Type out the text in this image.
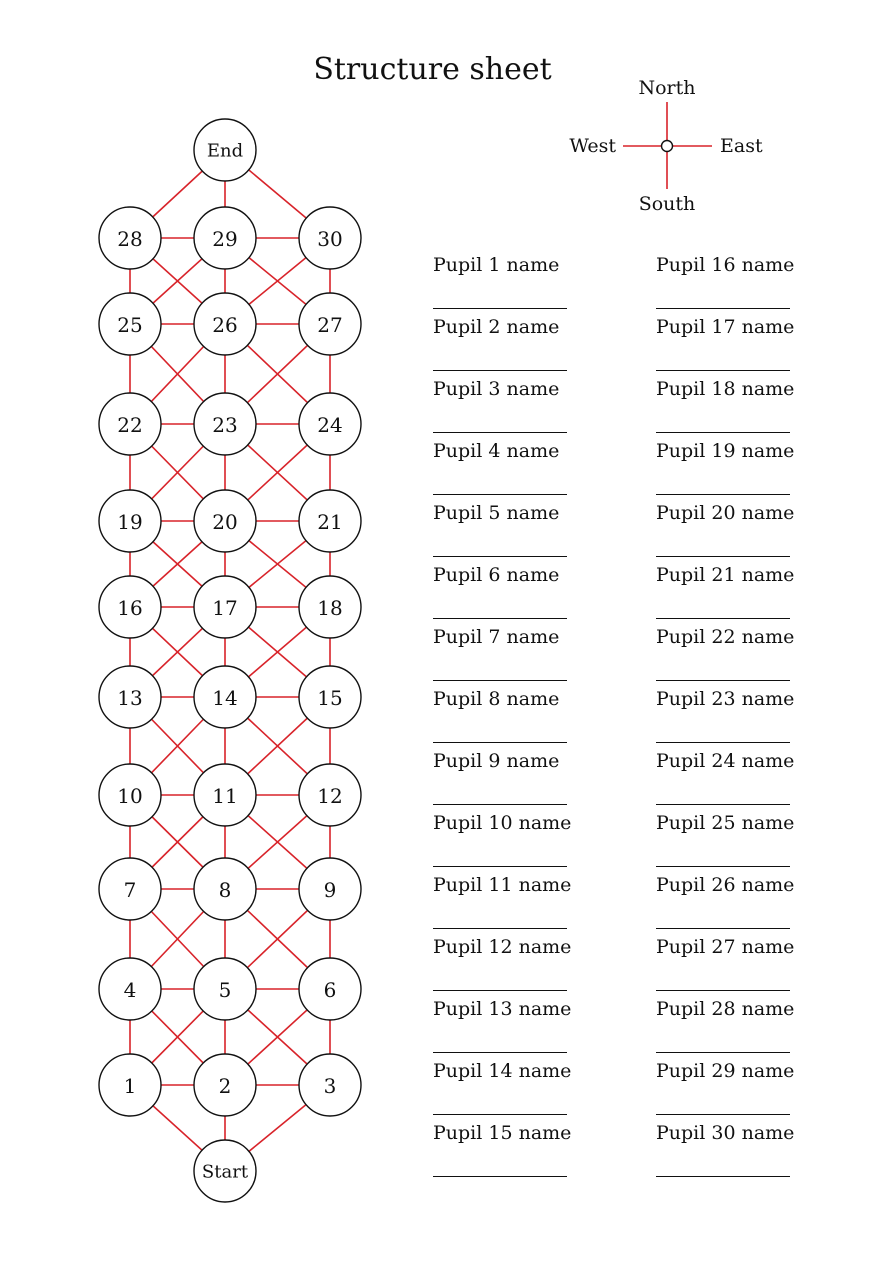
Structure sheet
End
Start
28	29	30
25	26	27
22	23	24
19	20	21
16	17	18
13	14	15
10	11	12
7	8	9
4	5	6
1	2	3
North
South
West	East
Pupil 1 name
Pupil 2 name
Pupil 3 name
Pupil 4 name
Pupil 5 name
Pupil 6 name
Pupil 7 name
Pupil 8 name
Pupil 9 name
Pupil 10 name
Pupil 11 name
Pupil 12 name
Pupil 13 name
Pupil 14 name
Pupil 15 name
Pupil 16 name
Pupil 17 name
Pupil 18 name
Pupil 19 name
Pupil 20 name
Pupil 21 name
Pupil 22 name
Pupil 23 name
Pupil 24 name
Pupil 25 name
Pupil 26 name
Pupil 27 name
Pupil 28 name
Pupil 29 name
Pupil 30 name
